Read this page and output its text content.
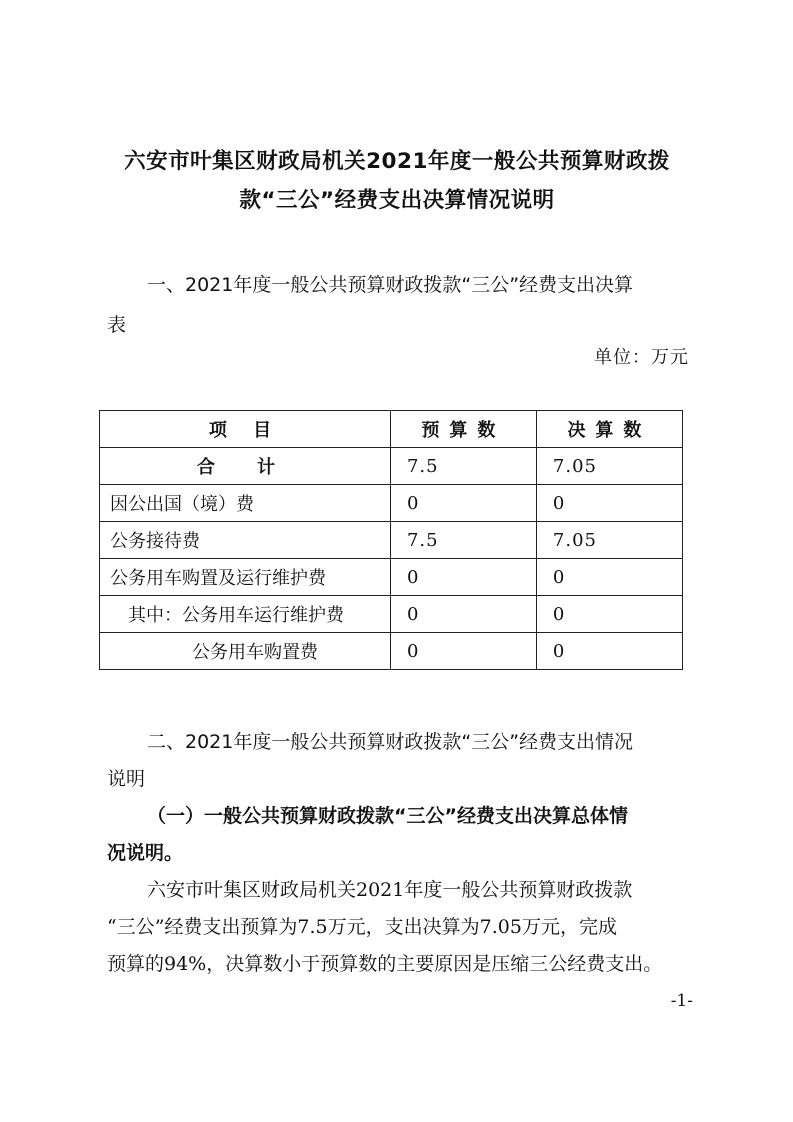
六安市叶集区财政局机关2021年度一般公共预算财政拨
款“三公”经费支出决算情况说明
一、2021年度一般公共预算财政拨款“三公”经费支出决算
表
单位：万元
项 目	预算数	决算数
合 计	7.5	7.05
因公出国（境）费	0	0
公务接待费	7.5	7.05
公务用车购置及运行维护费	0	0
其中：公务用车运行维护费	0	0
公务用车购置费	0	0
二、2021年度一般公共预算财政拨款“三公”经费支出情况
说明
（一）一般公共预算财政拨款“三公”经费支出决算总体情
况说明。
六安市叶集区财政局机关2021年度一般公共预算财政拨款
“三公”经费支出预算为7.5万元，支出决算为7.05万元，完成
预算的94%，决算数小于预算数的主要原因是压缩三公经费支出。
-1-
